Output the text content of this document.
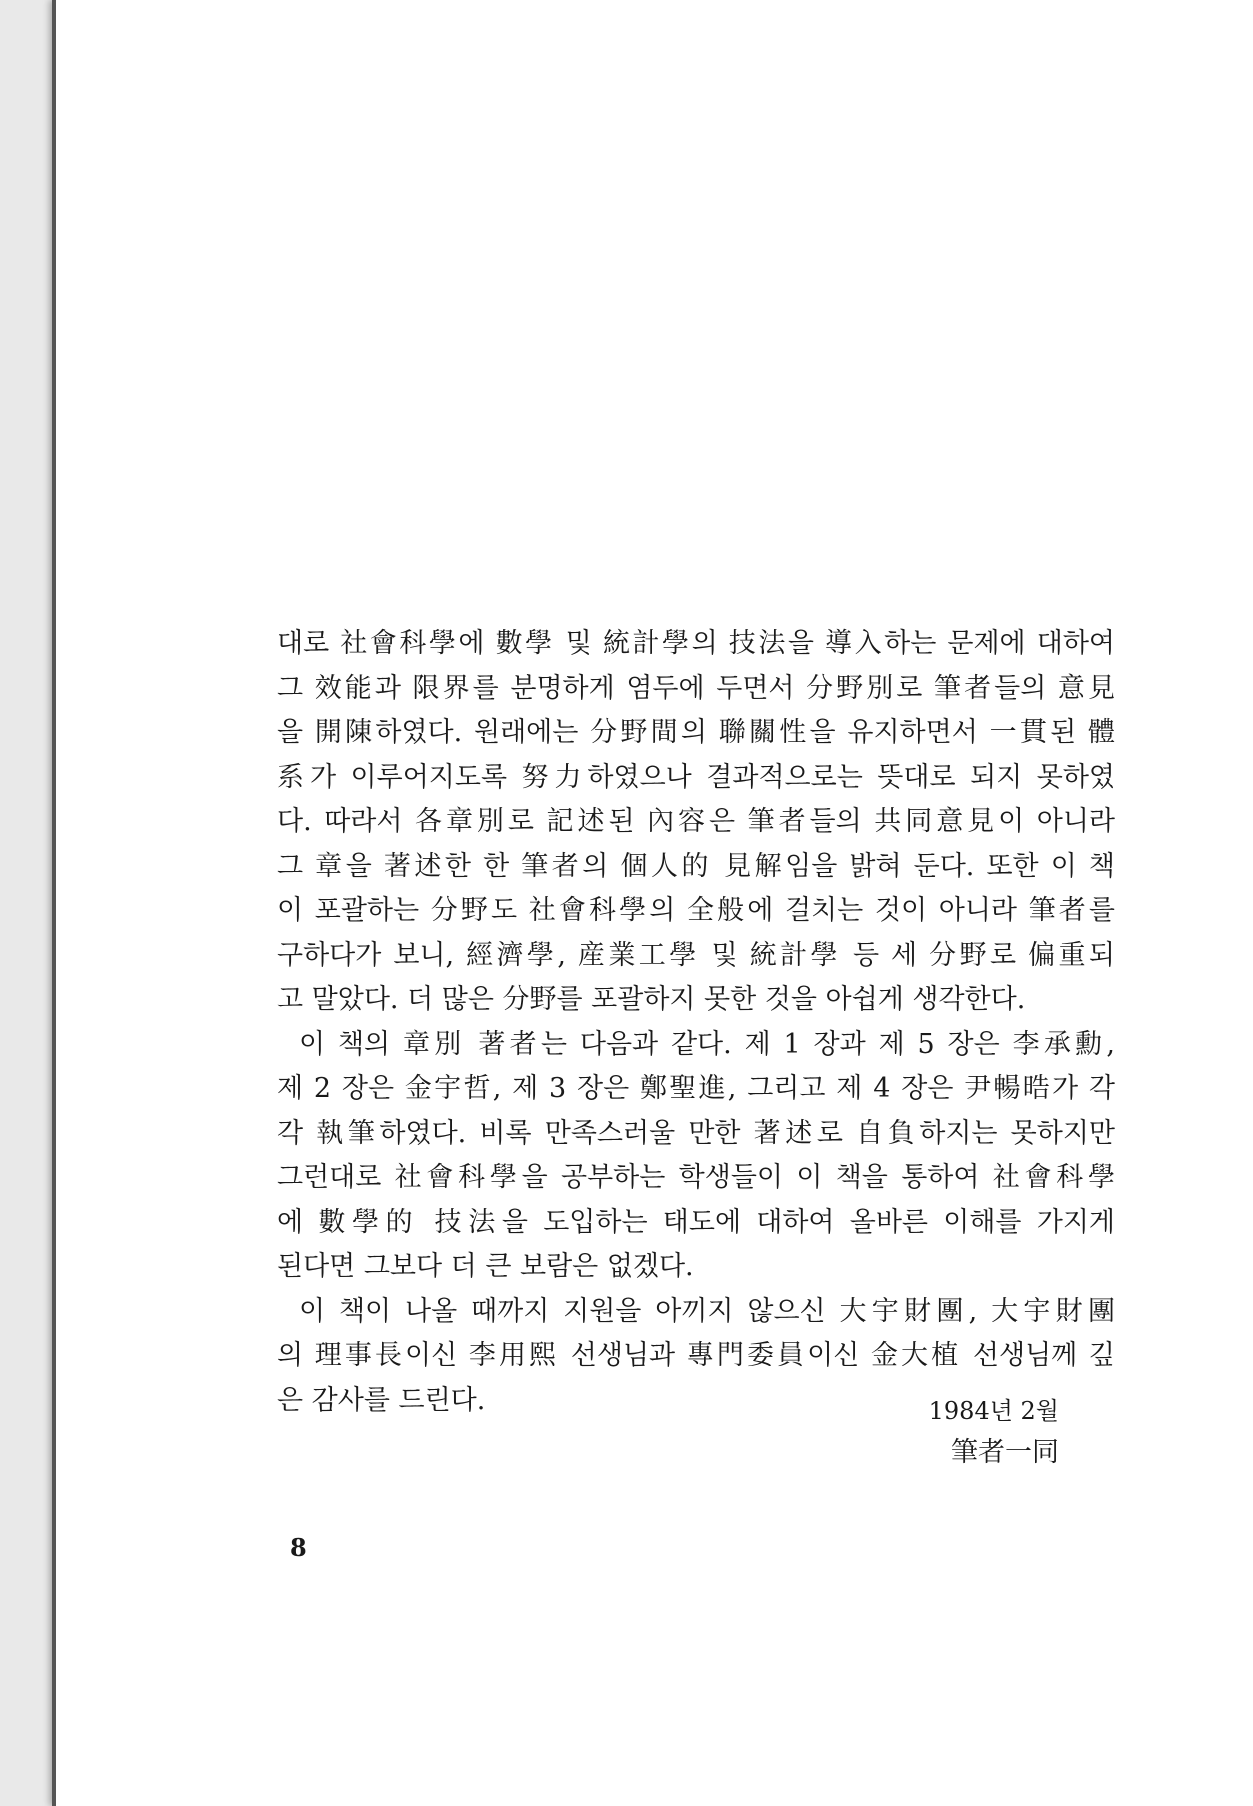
대로 社會科學에 數學 및 統計學의 技法을 導入하는 문제에 대하여
그 效能과 限界를 분명하게 염두에 두면서 分野別로 筆者들의 意見
을 開陳하였다. 원래에는 分野間의 聯關性을 유지하면서 一貫된 體
系가 이루어지도록 努力하였으나 결과적으로는 뜻대로 되지 못하였
다. 따라서 各章別로 記述된 內容은 筆者들의 共同意見이 아니라
그 章을 著述한 한 筆者의 個人的 見解임을 밝혀 둔다. 또한 이 책
이 포괄하는 分野도 社會科學의 全般에 걸치는 것이 아니라 筆者를
구하다가 보니, 經濟學, 産業工學 및 統計學 등 세 分野로 偏重되
고 말았다. 더 많은 分野를 포괄하지 못한 것을 아쉽게 생각한다.
이 책의 章別 著者는 다음과 같다. 제 1 장과 제 5 장은 李承勳,
제 2 장은 金宇哲, 제 3 장은 鄭聖進, 그리고 제 4 장은 尹暢晧가 각
각 執筆하였다. 비록 만족스러울 만한 著述로 自負하지는 못하지만
그런대로 社會科學을 공부하는 학생들이 이 책을 통하여 社會科學
에 數學的 技法을 도입하는 태도에 대하여 올바른 이해를 가지게
된다면 그보다 더 큰 보람은 없겠다.
이 책이 나올 때까지 지원을 아끼지 않으신 大宇財團, 大宇財團
의 理事長이신 李用熙 선생님과 專門委員이신 金大植 선생님께 깊
은 감사를 드린다.	1984년 2월
筆者一同
8
